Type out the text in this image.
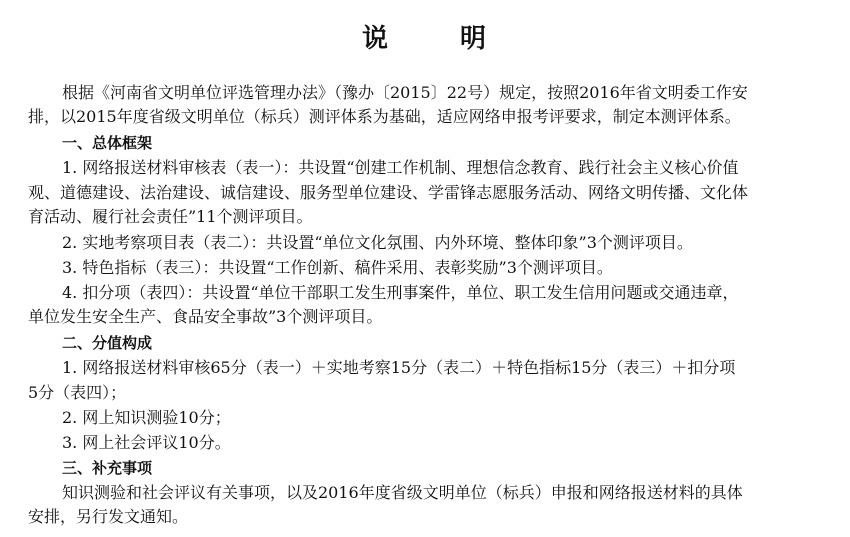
说	明
根据《河南省文明单位评选管理办法》（豫办〔2015〕22号）规定，按照2016年省文明委工作安
排，以2015年度省级文明单位（标兵）测评体系为基础，适应网络申报考评要求，制定本测评体系。
一、总体框架
1. 网络报送材料审核表（表一）：共设置“创建工作机制、理想信念教育、践行社会主义核心价值
观、道德建设、法治建设、诚信建设、服务型单位建设、学雷锋志愿服务活动、网络文明传播、文化体
育活动、履行社会责任”11个测评项目。
2. 实地考察项目表（表二）：共设置“单位文化氛围、内外环境、整体印象”3个测评项目。
3. 特色指标（表三）：共设置“工作创新、稿件采用、表彰奖励”3个测评项目。
4. 扣分项（表四）：共设置“单位干部职工发生刑事案件，单位、职工发生信用问题或交通违章，
单位发生安全生产、食品安全事故”3个测评项目。
二、分值构成
1. 网络报送材料审核65分（表一）＋实地考察15分（表二）＋特色指标15分（表三）＋扣分项
5分（表四）；
2. 网上知识测验10分；
3. 网上社会评议10分。
三、补充事项
知识测验和社会评议有关事项，以及2016年度省级文明单位（标兵）申报和网络报送材料的具体
安排，另行发文通知。
